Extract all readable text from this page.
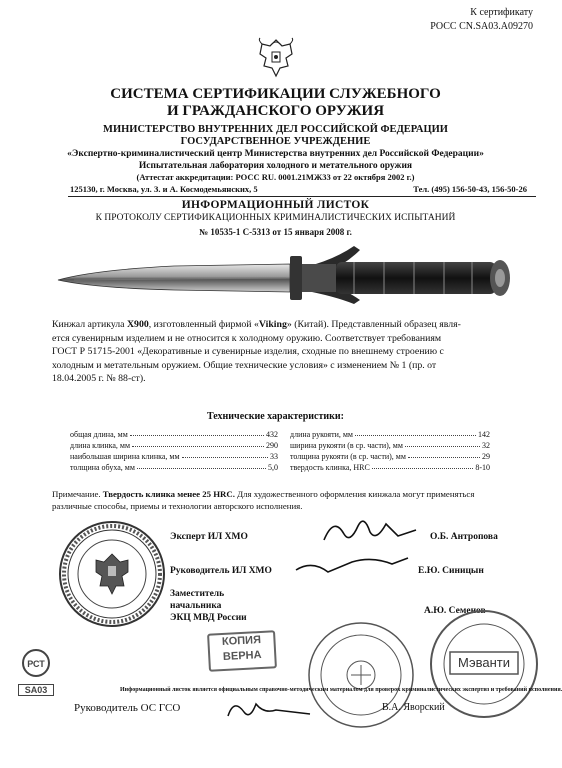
К сертификату
РОСС CN.SA03.A09270
СИСТЕМА СЕРТИФИКАЦИИ СЛУЖЕБНОГО
И ГРАЖДАНСКОГО ОРУЖИЯ
МИНИСТЕРСТВО ВНУТРЕННИХ ДЕЛ РОССИЙСКОЙ ФЕДЕРАЦИИ
ГОСУДАРСТВЕННОЕ УЧРЕЖДЕНИЕ
«Экспертно-криминалистический центр Министерства внутренних дел Российской Федерации»
Испытательная лаборатория холодного и метательного оружия
(Аттестат аккредитации: РОСС RU. 0001.21МЖ33 от 22 октября 2002 г.)
125130, г. Москва, ул. З. и А. Космодемьянских, 5	Тел. (495) 156-50-43, 156-50-26
ИНФОРМАЦИОННЫЙ ЛИСТОК
К ПРОТОКОЛУ СЕРТИФИКАЦИОННЫХ КРИМИНАЛИСТИЧЕСКИХ ИСПЫТАНИЙ
№ 10535-1 С-5313 от 15 января 2008 г.
Кинжал артикула X900, изготовленный фирмой «Viking» (Китай). Представленный образец явля-
ется сувенирным изделием и не относится к холодному оружию. Соответствует требованиям
ГОСТ Р 51715-2001 «Декоративные и сувенирные изделия, сходные по внешнему строению с
холодным и метательным оружием. Общие технические условия» с изменением № 1 (пр. от
18.04.2005 г. № 88-ст).
Технические характеристики:
общая длина, мм	432
длина клинка, мм	290
наибольшая ширина клинка, мм	33
толщина обуха, мм	5,0
длина рукояти, мм	142
ширина рукояти (в ср. части), мм	32
толщина рукояти (в ср. части), мм	29
твердость клинка, HRC	8-10
Примечание. Твердость клинка менее 25 HRC. Для художественного оформления кинжала могут применяться
различные способы, приемы и технологии авторского исполнения.
Эксперт ИЛ ХМО	О.Б. Антропова
Руководитель ИЛ ХМО	Е.Ю. Синицын
Заместитель
начальника
ЭКЦ МВД России
А.Ю. Семенов
КОПИЯ
ВЕРНА
РСТ
SA03
Мэванти
Информационный листок является официальным справочно-методическим материалом для проверок криминалистических экспертиз и требований исполнения.
Руководитель ОС ГСО	В.А. Яворский
